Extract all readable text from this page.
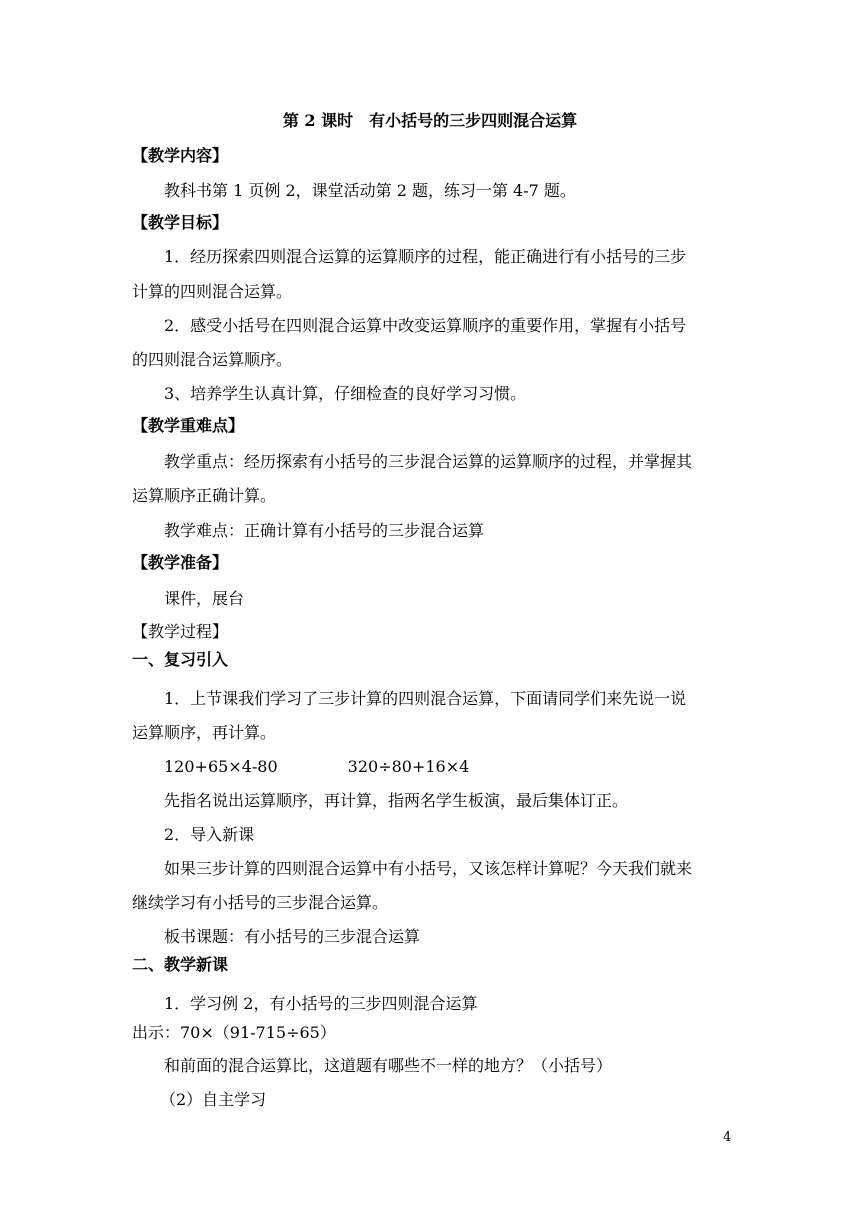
第 2 课时　有小括号的三步四则混合运算
【教学内容】
教科书第 1 页例 2，课堂活动第 2 题，练习一第 4-7 题。
【教学目标】
1．经历探索四则混合运算的运算顺序的过程，能正确进行有小括号的三步
计算的四则混合运算。
2．感受小括号在四则混合运算中改变运算顺序的重要作用，掌握有小括号
的四则混合运算顺序。
3、培养学生认真计算，仔细检查的良好学习习惯。
【教学重难点】
教学重点：经历探索有小括号的三步混合运算的运算顺序的过程，并掌握其
运算顺序正确计算。
教学难点：正确计算有小括号的三步混合运算
【教学准备】
课件，展台
【教学过程】
一、复习引入
1．上节课我们学习了三步计算的四则混合运算，下面请同学们来先说一说
运算顺序，再计算。
120+65×4-80	320÷80+16×4
先指名说出运算顺序，再计算，指两名学生板演，最后集体订正。
2．导入新课
如果三步计算的四则混合运算中有小括号，又该怎样计算呢？今天我们就来
继续学习有小括号的三步混合运算。
板书课题：有小括号的三步混合运算
二、教学新课
1．学习例 2，有小括号的三步四则混合运算
出示：70×（91-715÷65）
和前面的混合运算比，这道题有哪些不一样的地方？（小括号）
（2）自主学习
4
